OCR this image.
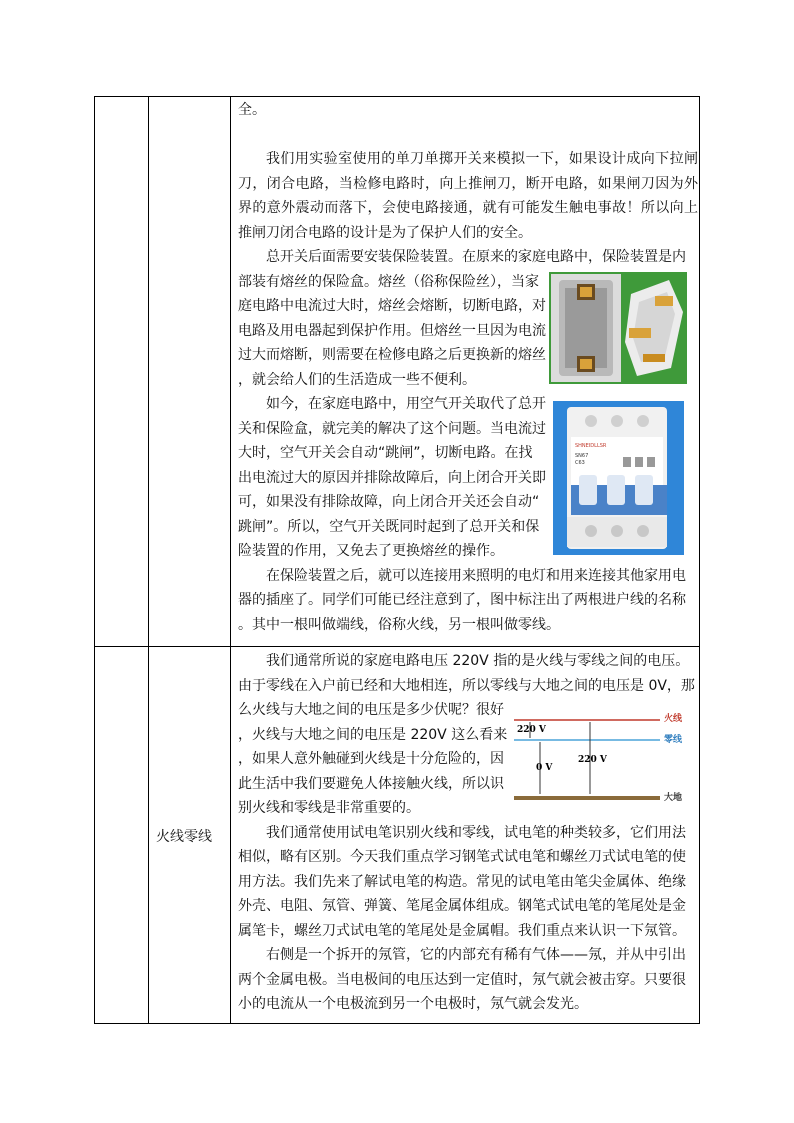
全。

我们用实验室使用的单刀单掷开关来模拟一下，如果设计成向下拉闸刀，闭合电路，当检修电路时，向上推闸刀，断开电路，如果闸刀因为外界的意外震动而落下，会使电路接通，就有可能发生触电事故！所以向上推闸刀闭合电路的设计是为了保护人们的安全。

SHNEIDLLSR
SN67
C63
火线零线
220 V
220 V
0 V
火线
零线
大地
总开关后面需要安装保险装置。在原来的家庭电路中，保险装置是内
部装有熔丝的保险盒。熔丝（俗称保险丝），当家
庭电路中电流过大时，熔丝会熔断，切断电路，对
电路及用电器起到保护作用。但熔丝一旦因为电流
过大而熔断，则需要在检修电路之后更换新的熔丝
，就会给人们的生活造成一些不便利。
如今，在家庭电路中，用空气开关取代了总开
关和保险盒，就完美的解决了这个问题。当电流过
大时，空气开关会自动“跳闸”，切断电路。在找
出电流过大的原因并排除故障后，向上闭合开关即
可，如果没有排除故障，向上闭合开关还会自动“
跳闸”。所以，空气开关既同时起到了总开关和保
险装置的作用，又免去了更换熔丝的操作。
在保险装置之后，就可以连接用来照明的电灯和用来连接其他家用电
器的插座了。同学们可能已经注意到了，图中标注出了两根进户线的名称
。其中一根叫做端线，俗称火线，另一根叫做零线。
我们通常所说的家庭电路电压 220V 指的是火线与零线之间的电压。
由于零线在入户前已经和大地相连，所以零线与大地之间的电压是 0V，那
么火线与大地之间的电压是多少伏呢？很好
，火线与大地之间的电压是 220V 这么看来
，如果人意外触碰到火线是十分危险的，因
此生活中我们要避免人体接触火线，所以识
别火线和零线是非常重要的。
我们通常使用试电笔识别火线和零线，试电笔的种类较多，它们用法
相似，略有区别。今天我们重点学习钢笔式试电笔和螺丝刀式试电笔的使
用方法。我们先来了解试电笔的构造。常见的试电笔由笔尖金属体、绝缘
外壳、电阻、氖管、弹簧、笔尾金属体组成。钢笔式试电笔的笔尾处是金
属笔卡，螺丝刀式试电笔的笔尾处是金属帽。我们重点来认识一下氖管。
右侧是一个拆开的氖管，它的内部充有稀有气体——氖，并从中引出
两个金属电极。当电极间的电压达到一定值时，氖气就会被击穿。只要很
小的电流从一个电极流到另一个电极时，氖气就会发光。
